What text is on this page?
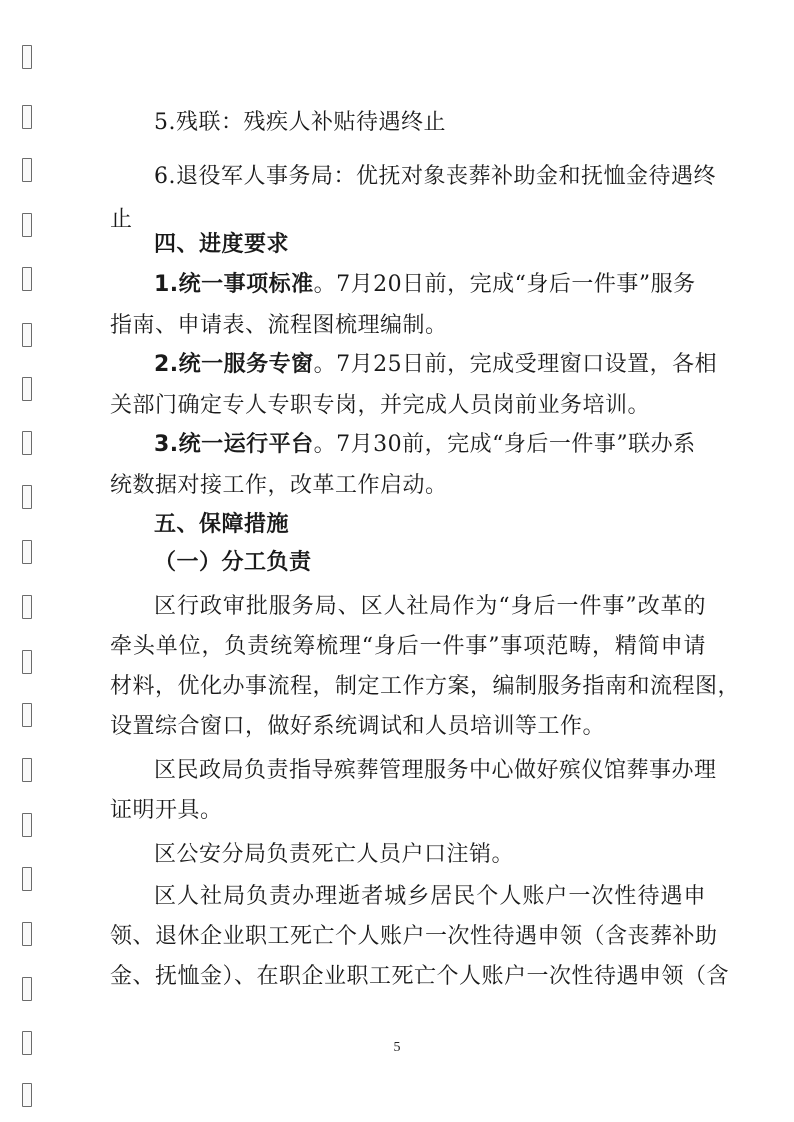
5.残联：残疾人补贴待遇终止
6.退役军人事务局：优抚对象丧葬补助金和抚恤金待遇终
止
四、进度要求
1.统一事项标准。7月20日前，完成“身后一件事”服务
指南、申请表、流程图梳理编制。
2.统一服务专窗。7月25日前，完成受理窗口设置，各相
关部门确定专人专职专岗，并完成人员岗前业务培训。
3.统一运行平台。7月30前，完成“身后一件事”联办系
统数据对接工作，改革工作启动。
五、保障措施
（一）分工负责
区行政审批服务局、区人社局作为“身后一件事”改革的
牵头单位，负责统筹梳理“身后一件事”事项范畴，精简申请
材料，优化办事流程，制定工作方案，编制服务指南和流程图，
设置综合窗口，做好系统调试和人员培训等工作。
区民政局负责指导殡葬管理服务中心做好殡仪馆葬事办理
证明开具。
区公安分局负责死亡人员户口注销。
区人社局负责办理逝者城乡居民个人账户一次性待遇申
领、退休企业职工死亡个人账户一次性待遇申领（含丧葬补助
金、抚恤金）、在职企业职工死亡个人账户一次性待遇申领（含
5
